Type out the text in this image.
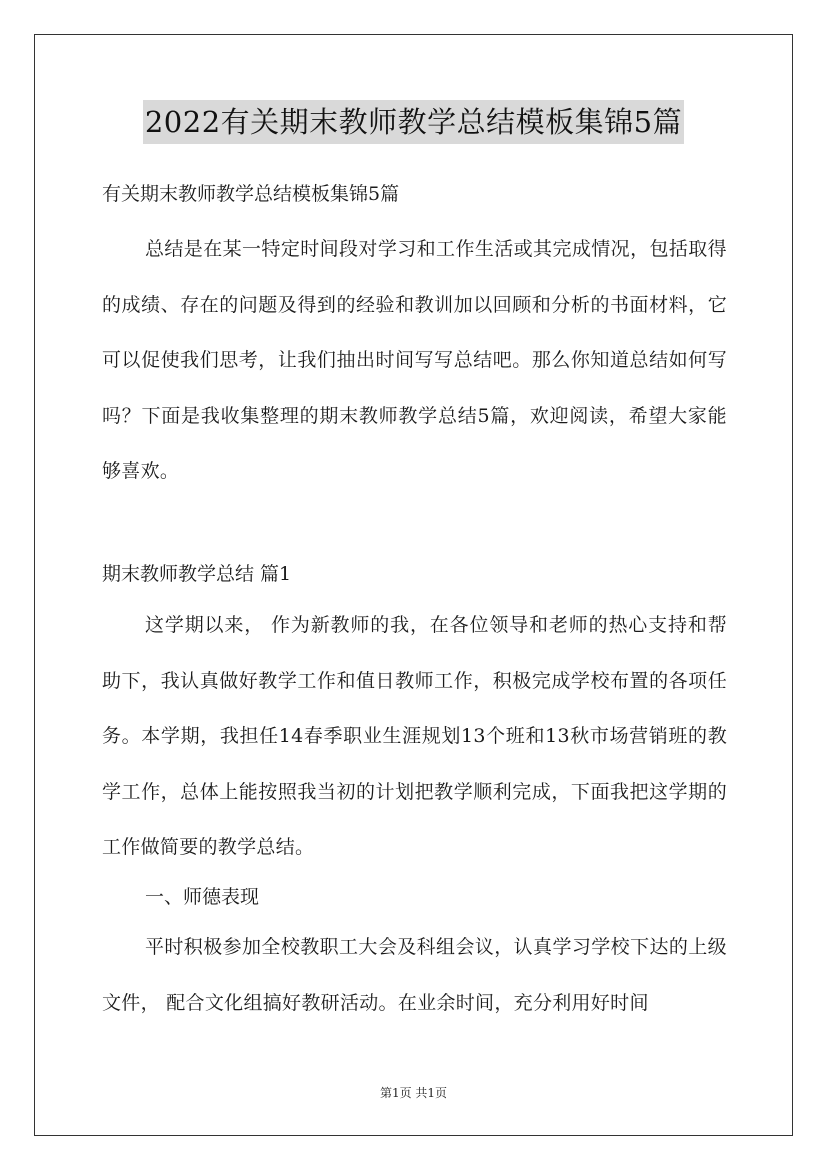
2022有关期末教师教学总结模板集锦5篇

有关期末教师教学总结模板集锦5篇

总结是在某一特定时间段对学习和工作生活或其完成情况，包括取得的成绩、存在的问题及得到的经验和教训加以回顾和分析的书面材料，它可以促使我们思考，让我们抽出时间写写总结吧。那么你知道总结如何写吗？下面是我收集整理的期末教师教学总结5篇，欢迎阅读，希望大家能够喜欢。

期末教师教学总结 篇1

这学期以来， 作为新教师的我，在各位领导和老师的热心支持和帮助下，我认真做好教学工作和值日教师工作，积极完成学校布置的各项任务。本学期，我担任14春季职业生涯规划13个班和13秋市场营销班的教学工作，总体上能按照我当初的计划把教学顺利完成，下面我把这学期的工作做简要的教学总结。

一、师德表现

平时积极参加全校教职工大会及科组会议，认真学习学校下达的上级文件， 配合文化组搞好教研活动。在业余时间，充分利用好时间

第1页 共1页
